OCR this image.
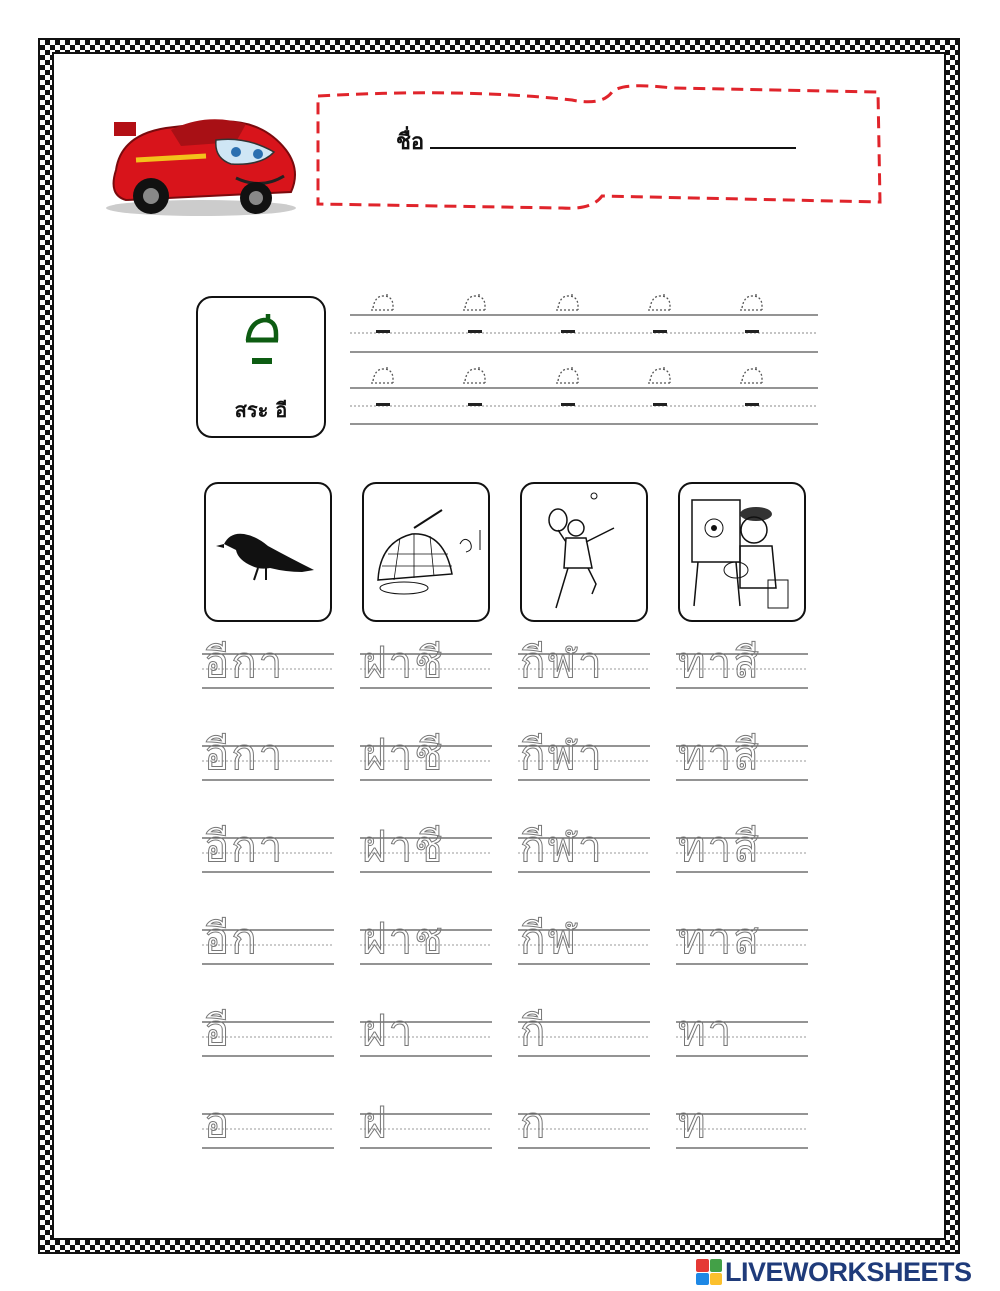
ชื่อ
สระ อี
อีกา ฝาชี กีฬา ทาสี
อีกา ฝาชี กีฬา ทาสี
อีกา ฝาชี กีฬา ทาสี
อีก ฝาช กีฬ ทาส
อี	ฝา	กี	ทา
อ	ฝ	ก	ท
LIVEWORKSHEETS
